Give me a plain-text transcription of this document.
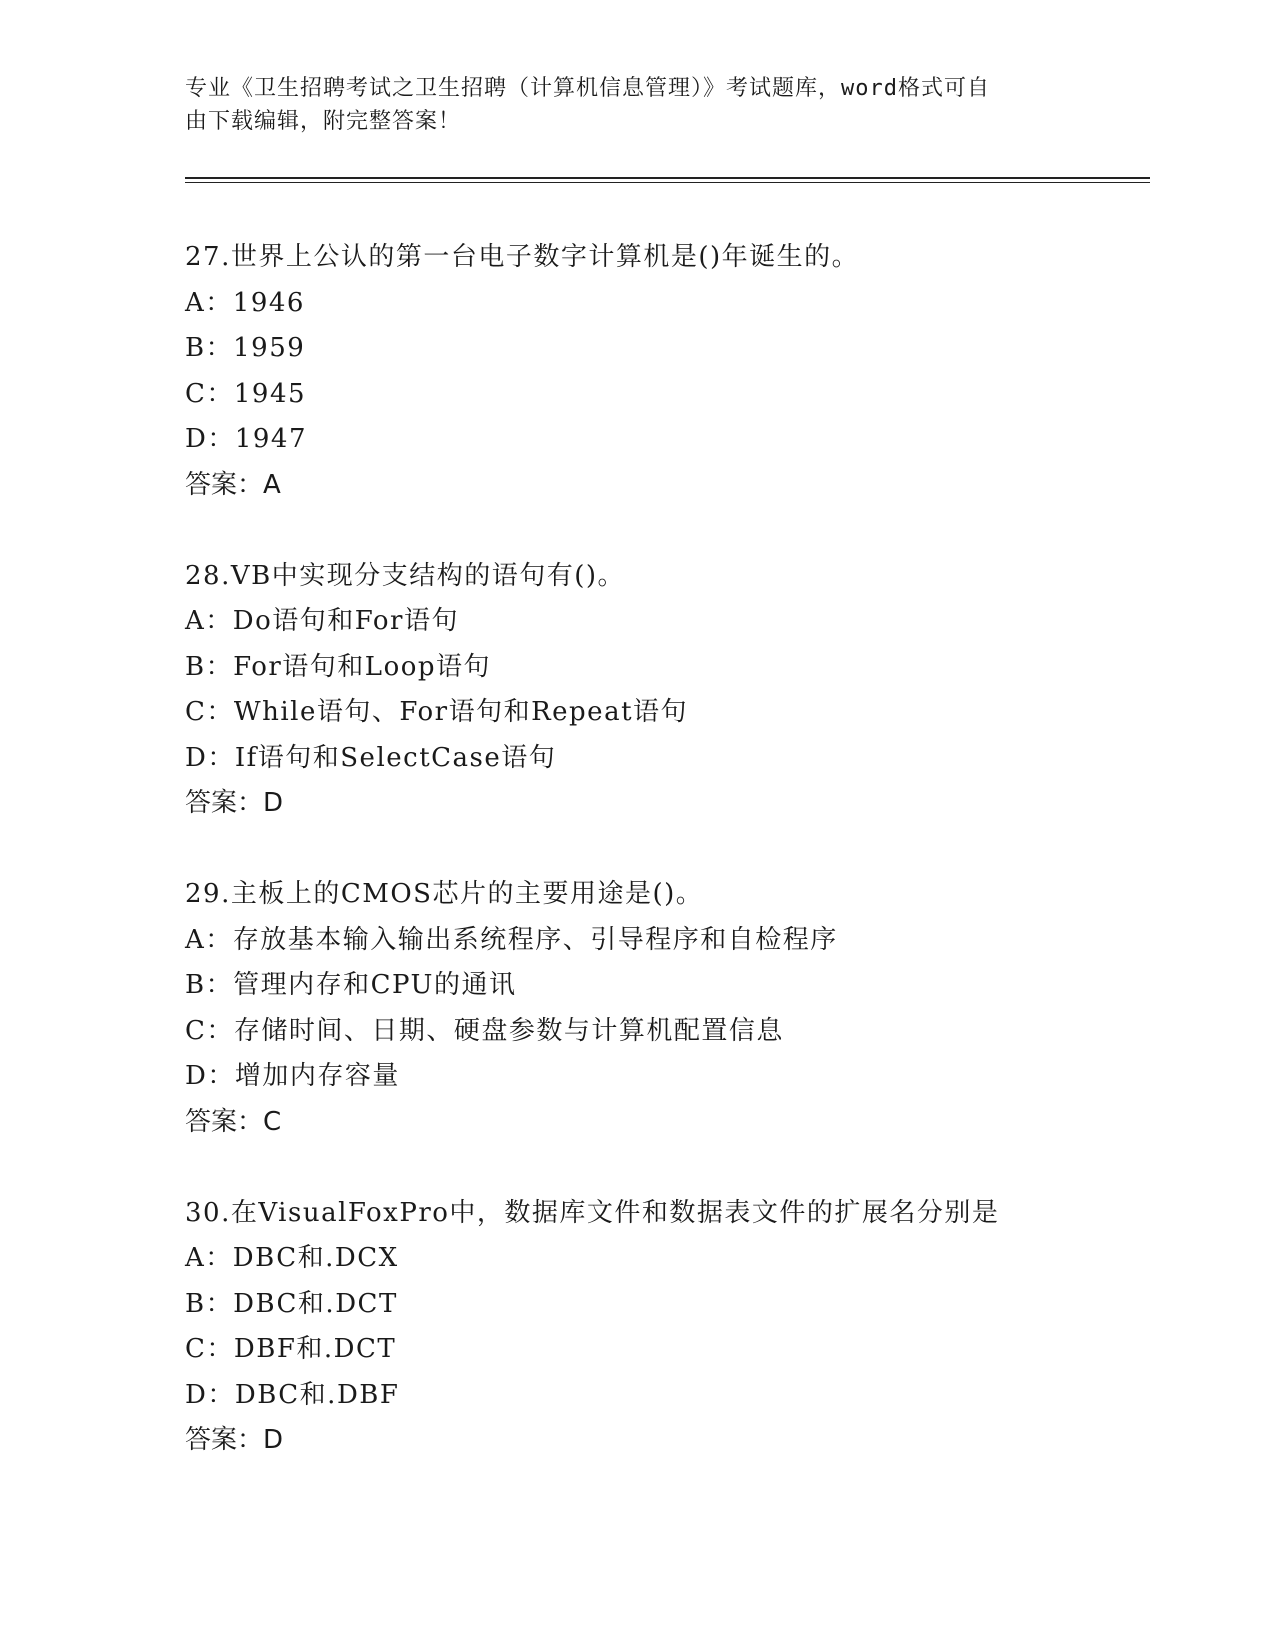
专业《卫生招聘考试之卫生招聘（计算机信息管理）》考试题库，word格式可自
由下载编辑，附完整答案！
27.世界上公认的第一台电子数字计算机是()年诞生的。
A：1946
B：1959
C：1945
D：1947
答案：A
28.VB中实现分支结构的语句有()。
A：Do语句和For语句
B：For语句和Loop语句
C：While语句、For语句和Repeat语句
D：If语句和SelectCase语句
答案：D
29.主板上的CMOS芯片的主要用途是()。
A：存放基本输入输出系统程序、引导程序和自检程序
B：管理内存和CPU的通讯
C：存储时间、日期、硬盘参数与计算机配置信息
D：增加内存容量
答案：C
30.在VisualFoxPro中，数据库文件和数据表文件的扩展名分别是
A：DBC和.DCX
B：DBC和.DCT
C：DBF和.DCT
D：DBC和.DBF
答案：D
